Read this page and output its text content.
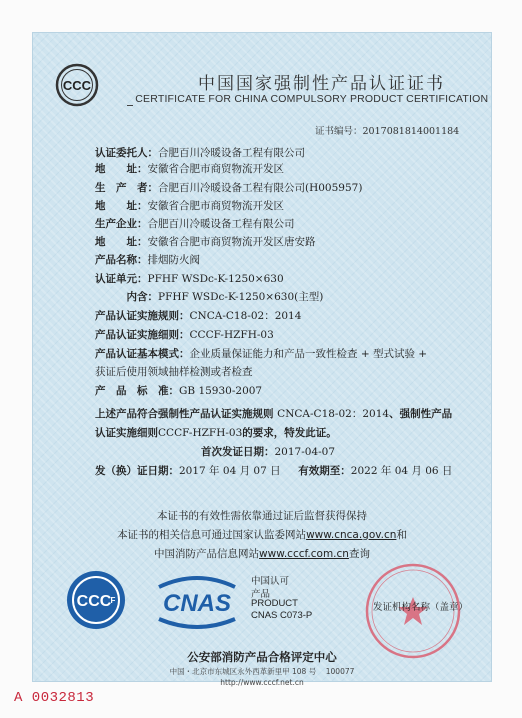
CCC	中国国家强制性产品认证证书
​  CERTIFICATE FOR CHINA COMPULSORY PRODUCT CERTIFICATION
证书编号：2017081814001184
认证委托人：合肥百川冷暖设备工程有限公司
地　　址：安徽省合肥市商贸物流开发区
生　产　者：合肥百川冷暖设备工程有限公司(H005957)
地　　址：安徽省合肥市商贸物流开发区
生产企业：合肥百川冷暖设备工程有限公司
地　　址：安徽省合肥市商贸物流开发区唐安路
产品名称：排烟防火阀
认证单元：PFHF WSDc-K-1250×630
　　　内含：PFHF WSDc-K-1250×630(主型)
产品认证实施规则：CNCA-C18-02：2014
产品认证实施细则：CCCF-HZFH-03
产品认证基本模式：企业质量保证能力和产品一致性检查 + 型式试验 +
获证后使用领域抽样检测或者检查
产　品　标　准：GB 15930-2007
上述产品符合强制性产品认证实施规则 CNCA-C18-02：2014、强制性产品
认证实施细则CCCF-HZFH-03的要求，特发此证。
首次发证日期：2017-04-07
发（换）证日期：2017 年 04 月 07 日 有效期至：2022 年 04 月 06 日
本证书的有效性需依靠通过证后监督获得保持
本证书的相关信息可通过国家认监委网站www.cnca.gov.cn和
中国消防产品信息网站www.cccf.com.cn查询
CCC F CNAS
中国认可
产品
PRODUCT
CNAS C073-P
发证机构名称（盖章）
公安部消防产品合格评定中心
中国・北京市东城区永外西革新里甲 108 号 100077
http://www.cccf.net.cn
A 0032813
